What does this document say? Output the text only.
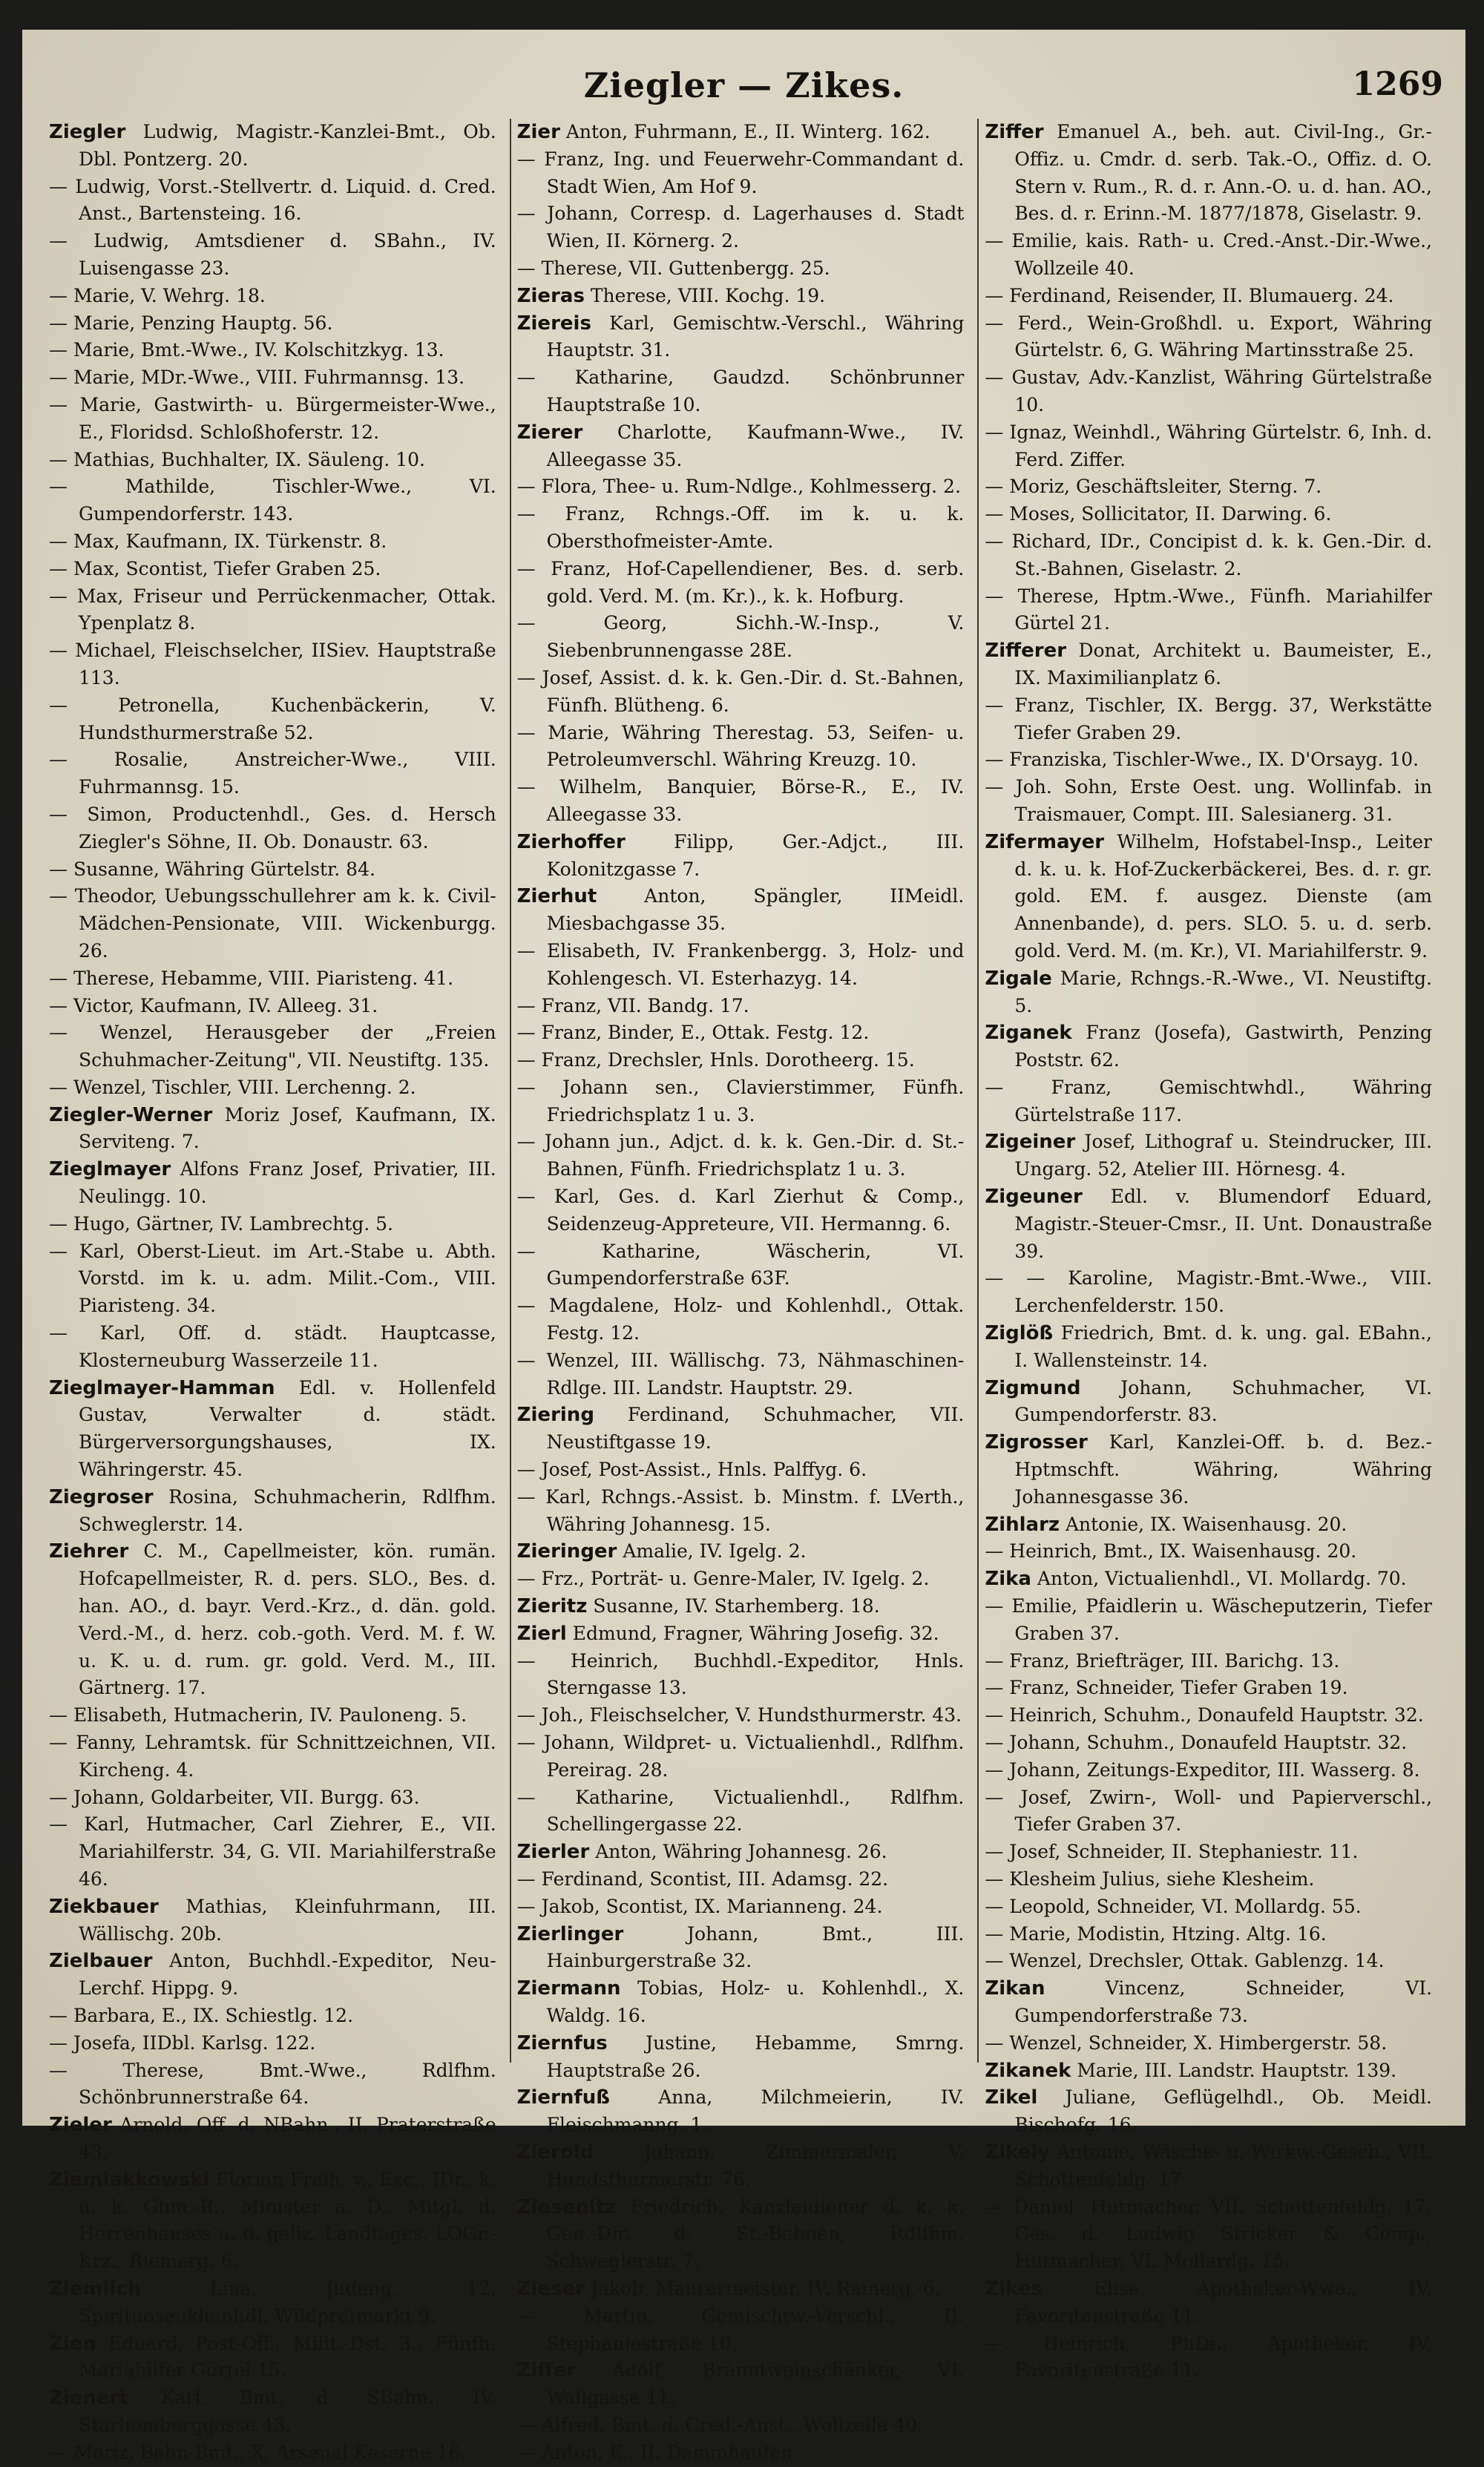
Ziegler — Zikes.	1269
Ziegler Ludwig, Magistr.-Kanzlei-Bmt., Ob. Dbl. Pontzerg. 20.
— Ludwig, Vorst.-Stellvertr. d. Liquid. d. Cred. Anst., Bartensteing. 16.
— Ludwig, Amtsdiener d. SBahn., IV. Luisengasse 23.
— Marie, V. Wehrg. 18.
— Marie, Penzing Hauptg. 56.
— Marie, Bmt.-Wwe., IV. Kolschitzkyg. 13.
— Marie, MDr.-Wwe., VIII. Fuhrmannsg. 13.
— Marie, Gastwirth- u. Bürgermeister-Wwe., E., Floridsd. Schloßhoferstr. 12.
— Mathias, Buchhalter, IX. Säuleng. 10.
— Mathilde, Tischler-Wwe., VI. Gumpendorferstr. 143.
— Max, Kaufmann, IX. Türkenstr. 8.
— Max, Scontist, Tiefer Graben 25.
— Max, Friseur und Perrückenmacher, Ottak. Ypenplatz 8.
— Michael, Fleischselcher, IISiev. Hauptstraße 113.
— Petronella, Kuchenbäckerin, V. Hundsthurmerstraße 52.
— Rosalie, Anstreicher-Wwe., VIII. Fuhrmannsg. 15.
— Simon, Productenhdl., Ges. d. Hersch Ziegler's Söhne, II. Ob. Donaustr. 63.
— Susanne, Währing Gürtelstr. 84.
— Theodor, Uebungsschullehrer am k. k. Civil-Mädchen-Pensionate, VIII. Wickenburgg. 26.
— Therese, Hebamme, VIII. Piaristeng. 41.
— Victor, Kaufmann, IV. Alleeg. 31.
— Wenzel, Herausgeber der „Freien Schuhmacher-Zeitung", VII. Neustiftg. 135.
— Wenzel, Tischler, VIII. Lerchenng. 2.
Ziegler-Werner Moriz Josef, Kaufmann, IX. Serviteng. 7.
Zieglmayer Alfons Franz Josef, Privatier, III. Neulingg. 10.
— Hugo, Gärtner, IV. Lambrechtg. 5.
— Karl, Oberst-Lieut. im Art.-Stabe u. Abth. Vorstd. im k. u. adm. Milit.-Com., VIII. Piaristeng. 34.
— Karl, Off. d. städt. Hauptcasse, Klosterneuburg Wasserzeile 11.
Zieglmayer-Hamman Edl. v. Hollenfeld Gustav, Verwalter d. städt. Bürgerversorgungshauses, IX. Währingerstr. 45.
Ziegroser Rosina, Schuhmacherin, Rdlfhm. Schweglerstr. 14.
Ziehrer C. M., Capellmeister, kön. rumän. Hofcapellmeister, R. d. pers. SLO., Bes. d. han. AO., d. bayr. Verd.-Krz., d. dän. gold. Verd.-M., d. herz. cob.-goth. Verd. M. f. W. u. K. u. d. rum. gr. gold. Verd. M., III. Gärtnerg. 17.
— Elisabeth, Hutmacherin, IV. Pauloneng. 5.
— Fanny, Lehramtsk. für Schnittzeichnen, VII. Kircheng. 4.
— Johann, Goldarbeiter, VII. Burgg. 63.
— Karl, Hutmacher, Carl Ziehrer, E., VII. Mariahilferstr. 34, G. VII. Mariahilferstraße 46.
Ziekbauer Mathias, Kleinfuhrmann, III. Wällischg. 20b.
Zielbauer Anton, Buchhdl.-Expeditor, Neu-Lerchf. Hippg. 9.
— Barbara, E., IX. Schiestlg. 12.
— Josefa, IIDbl. Karlsg. 122.
— Therese, Bmt.-Wwe., Rdlfhm. Schönbrunnerstraße 64.
Zieler Arnold, Off. d. NBahn., II. Praterstraße 43.
Ziemiakkowski Florian Freih. v., Exc., IDr., k. u. k. Ghm.-R., Minister a. D., Mitgl. d. Herrenhauses u. d. galiz. Landtages, LOGr.-Krz., Riemerg. 6.
Ziemlich Lina, Judeng. 12, Spirituosenkleinhdl. Wildpretmarkt 9.
Zien Eduard, Post-Off., Milit.-Dst. 3., Fünfh. Mariahilfer Gürtel 15.
Zienert Karl, Bmt. d. SBahn., IV. Starhemberggasse 43.
— Moriz, Bahn-Bmt., X. Arsenal Kaserne 16.
Zier Anton, Fuhrmann, E., II. Winterg. 162.
— Franz, Ing. und Feuerwehr-Commandant d. Stadt Wien, Am Hof 9.
— Johann, Corresp. d. Lagerhauses d. Stadt Wien, II. Körnerg. 2.
— Therese, VII. Guttenbergg. 25.
Zieras Therese, VIII. Kochg. 19.
Ziereis Karl, Gemischtw.-Verschl., Währing Hauptstr. 31.
— Katharine, Gaudzd. Schönbrunner Hauptstraße 10.
Zierer Charlotte, Kaufmann-Wwe., IV. Alleegasse 35.
— Flora, Thee- u. Rum-Ndlge., Kohlmesserg. 2.
— Franz, Rchngs.-Off. im k. u. k. Obersthofmeister-Amte.
— Franz, Hof-Capellendiener, Bes. d. serb. gold. Verd. M. (m. Kr.)., k. k. Hofburg.
— Georg, Sichh.-W.-Insp., V. Siebenbrunnengasse 28E.
— Josef, Assist. d. k. k. Gen.-Dir. d. St.-Bahnen, Fünfh. Blütheng. 6.
— Marie, Währing Therestag. 53, Seifen- u. Petroleumverschl. Währing Kreuzg. 10.
— Wilhelm, Banquier, Börse-R., E., IV. Alleegasse 33.
Zierhoffer Filipp, Ger.-Adjct., III. Kolonitzgasse 7.
Zierhut Anton, Spängler, IIMeidl. Miesbachgasse 35.
— Elisabeth, IV. Frankenbergg. 3, Holz- und Kohlengesch. VI. Esterhazyg. 14.
— Franz, VII. Bandg. 17.
— Franz, Binder, E., Ottak. Festg. 12.
— Franz, Drechsler, Hnls. Dorotheerg. 15.
— Johann sen., Clavierstimmer, Fünfh. Friedrichsplatz 1 u. 3.
— Johann jun., Adjct. d. k. k. Gen.-Dir. d. St.-Bahnen, Fünfh. Friedrichsplatz 1 u. 3.
— Karl, Ges. d. Karl Zierhut & Comp., Seidenzeug-Appreteure, VII. Hermanng. 6.
— Katharine, Wäscherin, VI. Gumpendorferstraße 63F.
— Magdalene, Holz- und Kohlenhdl., Ottak. Festg. 12.
— Wenzel, III. Wällischg. 73, Nähmaschinen-Rdlge. III. Landstr. Hauptstr. 29.
Ziering Ferdinand, Schuhmacher, VII. Neustiftgasse 19.
— Josef, Post-Assist., Hnls. Palffyg. 6.
— Karl, Rchngs.-Assist. b. Minstm. f. LVerth., Währing Johannesg. 15.
Zieringer Amalie, IV. Igelg. 2.
— Frz., Porträt- u. Genre-Maler, IV. Igelg. 2.
Zieritz Susanne, IV. Starhemberg. 18.
Zierl Edmund, Fragner, Währing Josefig. 32.
— Heinrich, Buchhdl.-Expeditor, Hnls. Sterngasse 13.
— Joh., Fleischselcher, V. Hundsthurmerstr. 43.
— Johann, Wildpret- u. Victualienhdl., Rdlfhm. Pereirag. 28.
— Katharine, Victualienhdl., Rdlfhm. Schellingergasse 22.
Zierler Anton, Währing Johannesg. 26.
— Ferdinand, Scontist, III. Adamsg. 22.
— Jakob, Scontist, IX. Marianneng. 24.
Zierlinger Johann, Bmt., III. Hainburgerstraße 32.
Ziermann Tobias, Holz- u. Kohlenhdl., X. Waldg. 16.
Ziernfus Justine, Hebamme, Smrng. Hauptstraße 26.
Ziernfuß Anna, Milchmeierin, IV. Fleischmanng. 1.
Zierold Johann, Zimmermaler, V. Hundsthurmerstr. 76.
Ziesenitz Friedrich, Kanzleidiener d. k. k. Gen.-Dir. d. St.-Bahnen, Rdlfhm. Schweglerstr. 7.
Zieser Jakob, Maurermeister, IV. Rainerg. 6.
— Martin, Gemischtw.-Verschl., II. Stephaniestraße 10.
Ziffer Adolf, Branntweinschänker, VI. Wallgasse 11.
— Alfred, Bmt. d. Cred.-Anst., Wollzeile 40.
— Anton, E., II. Dammhaufen.
Ziffer Emanuel A., beh. aut. Civil-Ing., Gr.-Offiz. u. Cmdr. d. serb. Tak.-O., Offiz. d. O. Stern v. Rum., R. d. r. Ann.-O. u. d. han. AO., Bes. d. r. Erinn.-M. 1877/1878, Giselastr. 9.
— Emilie, kais. Rath- u. Cred.-Anst.-Dir.-Wwe., Wollzeile 40.
— Ferdinand, Reisender, II. Blumauerg. 24.
— Ferd., Wein-Großhdl. u. Export, Währing Gürtelstr. 6, G. Währing Martinsstraße 25.
— Gustav, Adv.-Kanzlist, Währing Gürtelstraße 10.
— Ignaz, Weinhdl., Währing Gürtelstr. 6, Inh. d. Ferd. Ziffer.
— Moriz, Geschäftsleiter, Sterng. 7.
— Moses, Sollicitator, II. Darwing. 6.
— Richard, IDr., Concipist d. k. k. Gen.-Dir. d. St.-Bahnen, Giselastr. 2.
— Therese, Hptm.-Wwe., Fünfh. Mariahilfer Gürtel 21.
Zifferer Donat, Architekt u. Baumeister, E., IX. Maximilianplatz 6.
— Franz, Tischler, IX. Bergg. 37, Werkstätte Tiefer Graben 29.
— Franziska, Tischler-Wwe., IX. D'Orsayg. 10.
— Joh. Sohn, Erste Oest. ung. Wollinfab. in Traismauer, Compt. III. Salesianerg. 31.
Zifermayer Wilhelm, Hofstabel-Insp., Leiter d. k. u. k. Hof-Zuckerbäckerei, Bes. d. r. gr. gold. EM. f. ausgez. Dienste (am Annenbande), d. pers. SLO. 5. u. d. serb. gold. Verd. M. (m. Kr.), VI. Mariahilferstr. 9.
Zigale Marie, Rchngs.-R.-Wwe., VI. Neustiftg. 5.
Ziganek Franz (Josefa), Gastwirth, Penzing Poststr. 62.
— Franz, Gemischtwhdl., Währing Gürtelstraße 117.
Zigeiner Josef, Lithograf u. Steindrucker, III. Ungarg. 52, Atelier III. Hörnesg. 4.
Zigeuner Edl. v. Blumendorf Eduard, Magistr.-Steuer-Cmsr., II. Unt. Donaustraße 39.
— — Karoline, Magistr.-Bmt.-Wwe., VIII. Lerchenfelderstr. 150.
Ziglöß Friedrich, Bmt. d. k. ung. gal. EBahn., I. Wallensteinstr. 14.
Zigmund Johann, Schuhmacher, VI. Gumpendorferstr. 83.
Zigrosser Karl, Kanzlei-Off. b. d. Bez.-Hptmschft. Währing, Währing Johannesgasse 36.
Zihlarz Antonie, IX. Waisenhausg. 20.
— Heinrich, Bmt., IX. Waisenhausg. 20.
Zika Anton, Victualienhdl., VI. Mollardg. 70.
— Emilie, Pfaidlerin u. Wäscheputzerin, Tiefer Graben 37.
— Franz, Briefträger, III. Barichg. 13.
— Franz, Schneider, Tiefer Graben 19.
— Heinrich, Schuhm., Donaufeld Hauptstr. 32.
— Johann, Schuhm., Donaufeld Hauptstr. 32.
— Johann, Zeitungs-Expeditor, III. Wasserg. 8.
— Josef, Zwirn-, Woll- und Papierverschl., Tiefer Graben 37.
— Josef, Schneider, II. Stephaniestr. 11.
— Klesheim Julius, siehe Klesheim.
— Leopold, Schneider, VI. Mollardg. 55.
— Marie, Modistin, Htzing. Altg. 16.
— Wenzel, Drechsler, Ottak. Gablenzg. 14.
Zikan Vincenz, Schneider, VI. Gumpendorferstraße 73.
— Wenzel, Schneider, X. Himbergerstr. 58.
Zikanek Marie, III. Landstr. Hauptstr. 139.
Zikel Juliane, Geflügelhdl., Ob. Meidl. Bischofg. 16.
Zikely Antonie, Wäsche- u. Wirkw.-Gesch., VII. Schottenfeldg. 17.
— Daniel, Hutmacher, VII. Schottenfeldg. 17, Ges. d. Ludwig Stricker & Comp., Hutmacher, VI. Mollardg. 15.
Zikes Elise, Apotheker-Wwe., IV. Favoritenstraße 11.
— Heinrich, PhDr., Apotheker, IV. Favoritenstraße 11.
